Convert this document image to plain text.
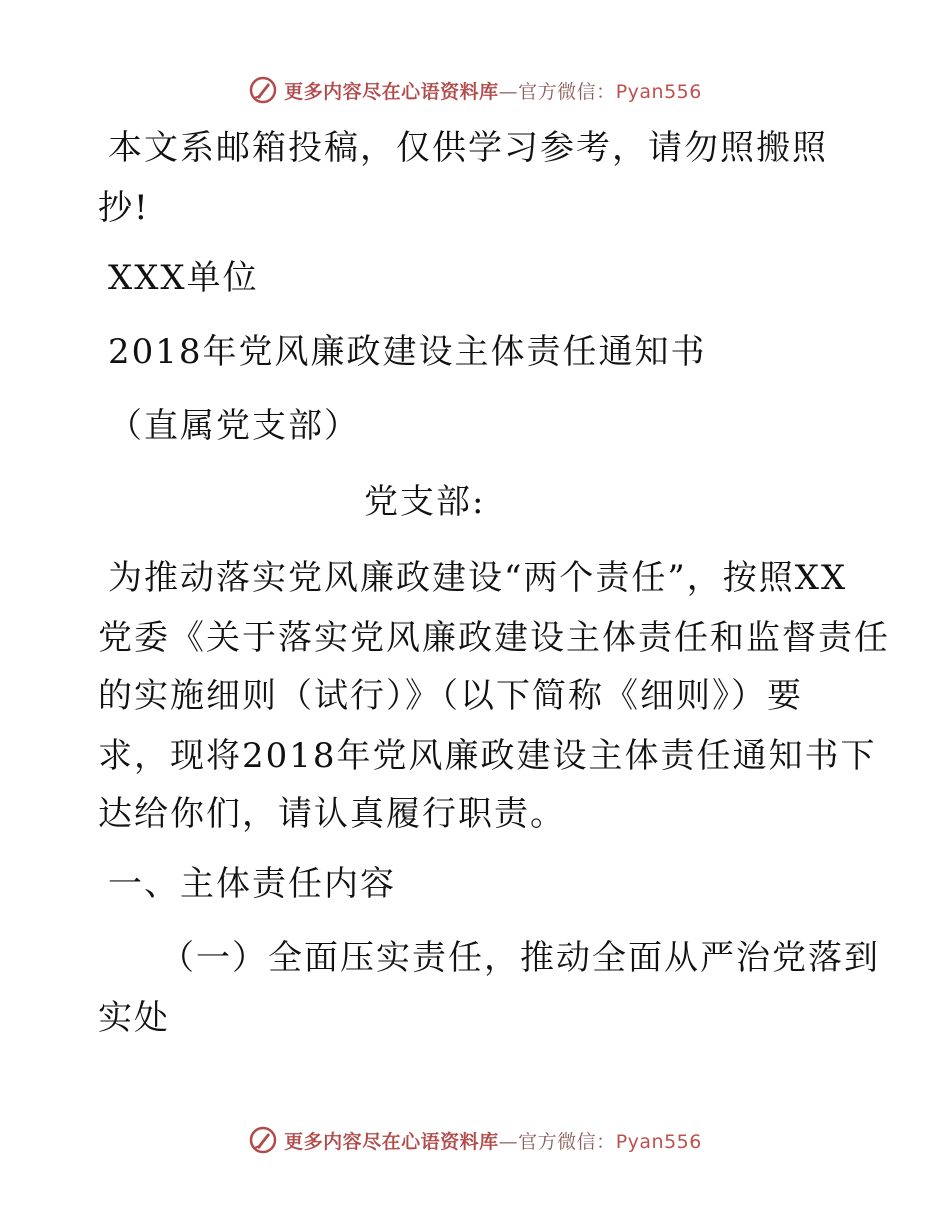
更多内容尽在心语资料库—官方微信：Pyan556
本文系邮箱投稿，仅供学习参考，请勿照搬照
抄!
XXX单位
2018年党风廉政建设主体责任通知书
（直属党支部）
党支部:
为推动落实党风廉政建设“两个责任”，按照XX
党委《关于落实党风廉政建设主体责任和监督责任
的实施细则（试行）》（以下简称《细则》）要
求，现将2018年党风廉政建设主体责任通知书下
达给你们，请认真履行职责。
一、主体责任内容
（一）全面压实责任，推动全面从严治党落到
实处
更多内容尽在心语资料库—官方微信：Pyan556
